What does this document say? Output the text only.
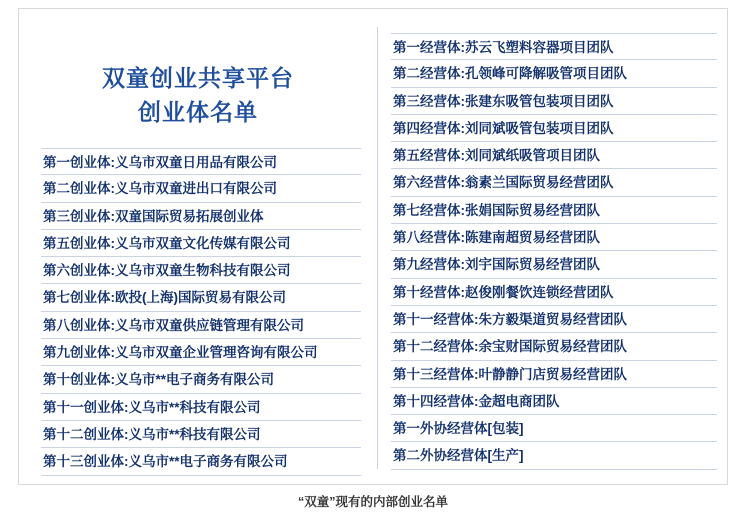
双童创业共享平台
创业体名单
第一创业体:义乌市双童日用品有限公司
第二创业体:义乌市双童进出口有限公司
第三创业体:双童国际贸易拓展创业体
第五创业体:义乌市双童文化传媒有限公司
第六创业体:义乌市双童生物科技有限公司
第七创业体:欧投(上海)国际贸易有限公司
第八创业体:义乌市双童供应链管理有限公司
第九创业体:义乌市双童企业管理咨询有限公司
第十创业体:义乌市**电子商务有限公司
第十一创业体:义乌市**科技有限公司
第十二创业体:义乌市**科技有限公司
第十三创业体:义乌市**电子商务有限公司
第一经营体:苏云飞塑料容器项目团队
第二经营体:孔领峰可降解吸管项目团队
第三经营体:张建东吸管包装项目团队
第四经营体:刘同斌吸管包装项目团队
第五经营体:刘同斌纸吸管项目团队
第六经营体:翁素兰国际贸易经营团队
第七经营体:张娟国际贸易经营团队
第八经营体:陈建南超贸易经营团队
第九经营体:刘宇国际贸易经营团队
第十经营体:赵俊刚餐饮连锁经营团队
第十一经营体:朱方毅渠道贸易经营团队
第十二经营体:余宝财国际贸易经营团队
第十三经营体:叶静静门店贸易经营团队
第十四经营体:金超电商团队
第一外协经营体[包装]
第二外协经营体[生产]
“双童”现有的内部创业名单
